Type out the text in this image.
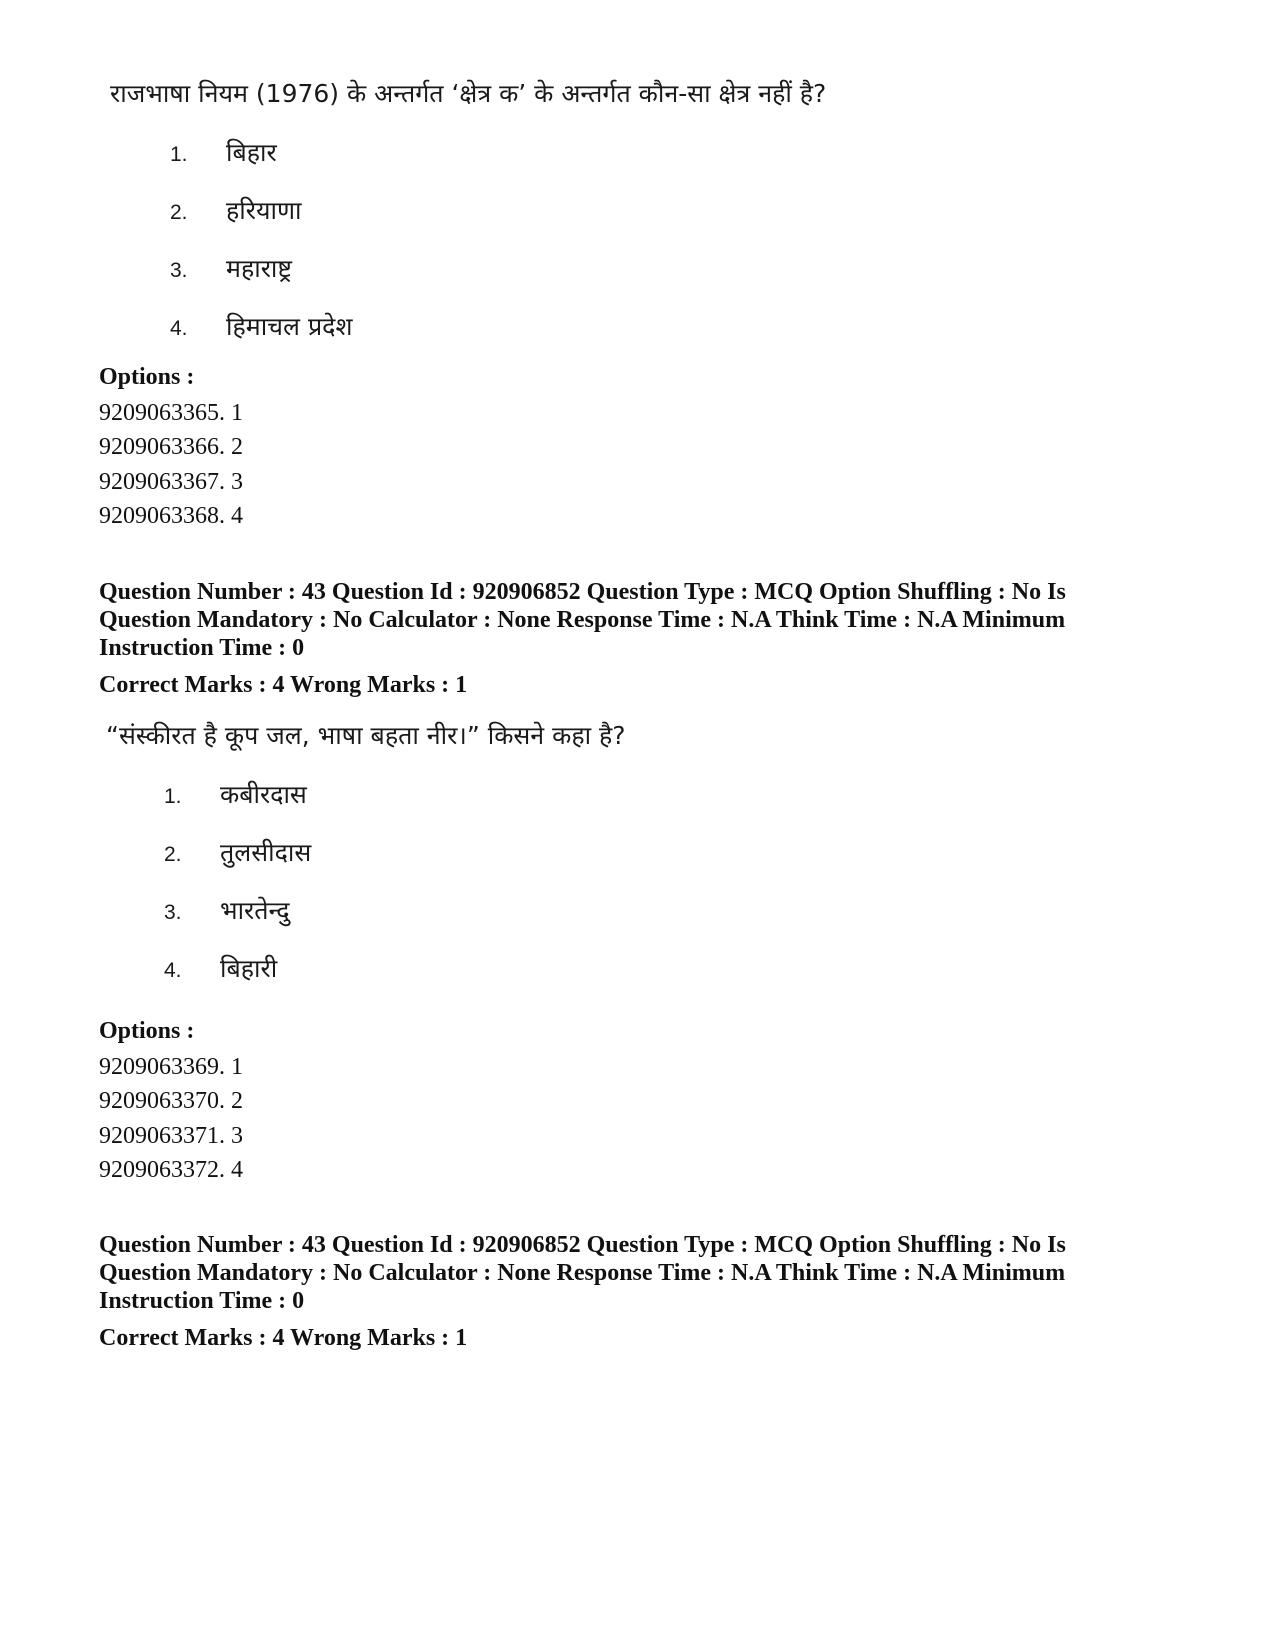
राजभाषा नियम (1976) के अन्तर्गत ‘क्षेत्र क’ के अन्तर्गत कौन-सा क्षेत्र नहीं है?
1. बिहार
2. हरियाणा
3. महाराष्ट्र
4. हिमाचल प्रदेश
Options :
9209063365. 1
9209063366. 2
9209063367. 3
9209063368. 4
Question Number : 43 Question Id : 920906852 Question Type : MCQ Option Shuffling : No Is
Question Mandatory : No Calculator : None Response Time : N.A Think Time : N.A Minimum
Instruction Time : 0
Correct Marks : 4 Wrong Marks : 1
“संस्कीरत है कूप जल, भाषा बहता नीर।” किसने कहा है?
1. कबीरदास
2. तुलसीदास
3. भारतेन्दु
4. बिहारी
Options :
9209063369. 1
9209063370. 2
9209063371. 3
9209063372. 4
Question Number : 43 Question Id : 920906852 Question Type : MCQ Option Shuffling : No Is
Question Mandatory : No Calculator : None Response Time : N.A Think Time : N.A Minimum
Instruction Time : 0
Correct Marks : 4 Wrong Marks : 1
